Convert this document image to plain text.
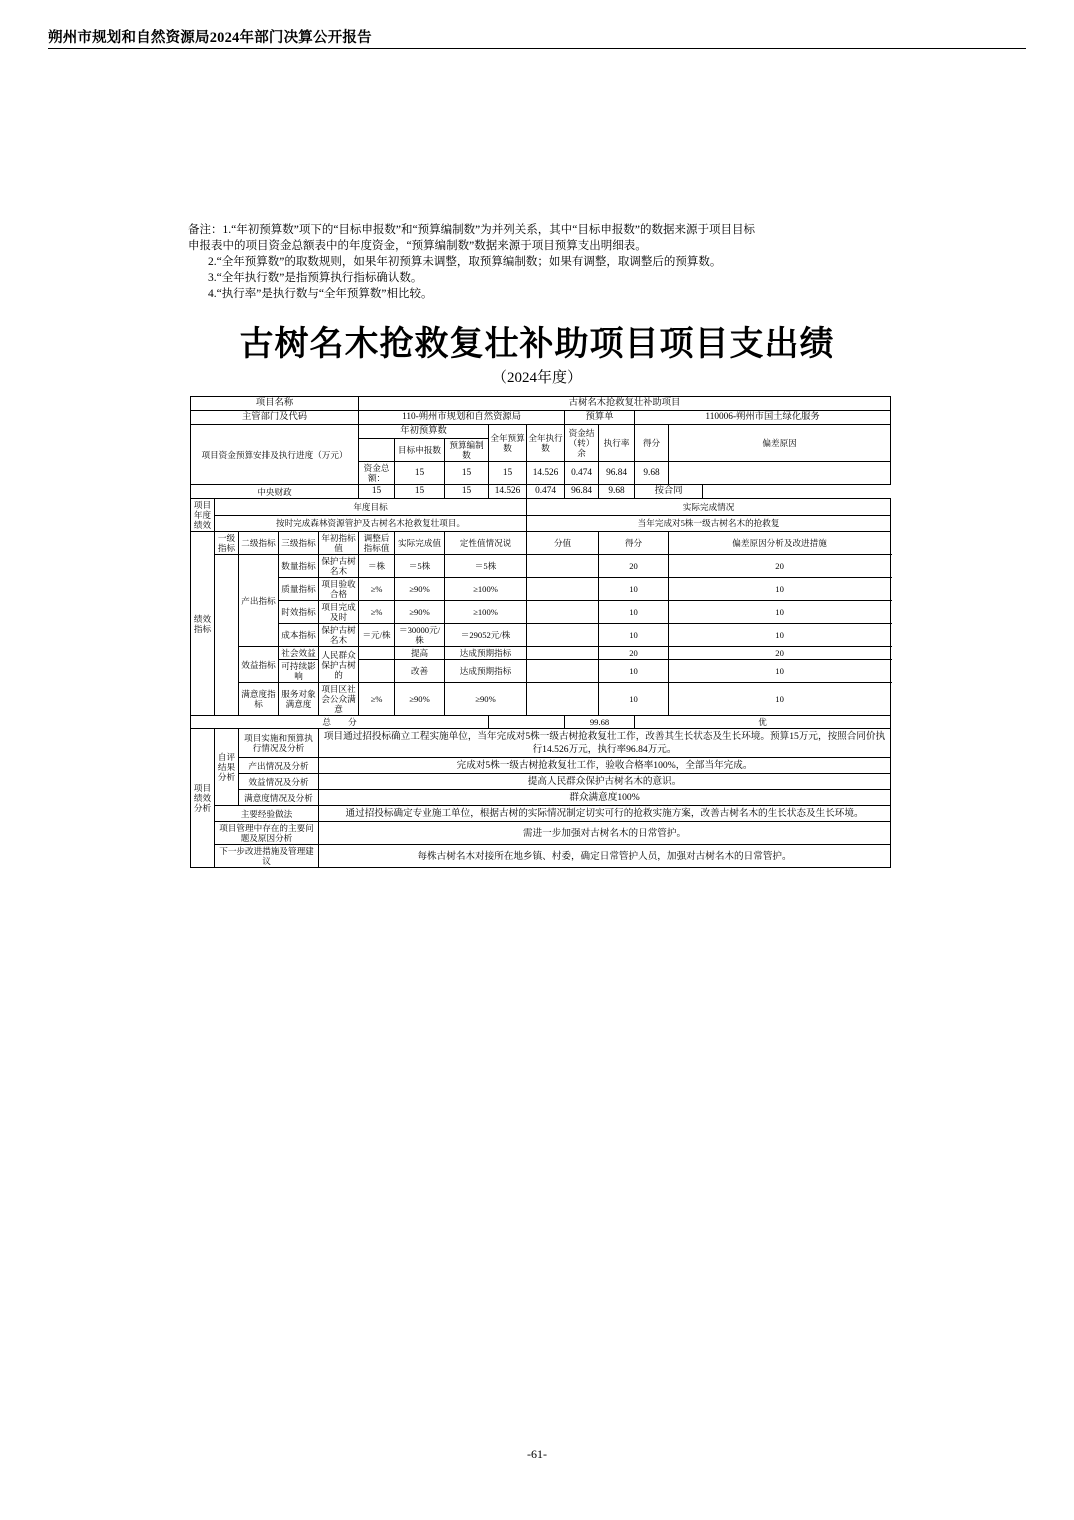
朔州市规划和自然资源局2024年部门决算公开报告
备注：1.“年初预算数”项下的“目标申报数”和“预算编制数”为并列关系，其中“目标申报数”的数据来源于项目目标
申报表中的项目资金总额表中的年度资金，“预算编制数”数据来源于项目预算支出明细表。
2.“全年预算数”的取数规则，如果年初预算未调整，取预算编制数；如果有调整，取调整后的预算数。
3.“全年执行数”是指预算执行指标确认数。
4.“执行率”是执行数与“全年预算数”相比较。
古树名木抢救复壮补助项目项目支出绩
（2024年度）
项目名称					古树名木抢救复壮补助项目								
主管部门及代码					110-朔州市规划和自然资源局					预算单		110006-朔州市国土绿化服务	
项目资金预算安排及执行进度（万元）					年初预算数			全年预算数	全年执行数	资金结（转）余	执行率	得分	偏差原因
						目标申报数	预算编制数						
					资金总额：	15	15	15	14.526	0.474	96.84	9.68	
中央财政					15	15	15	14.526	0.474	96.84	9.68	按合同	
项目年度绩效	年度目标								实际完成情况				
	按时完成森林资源管护及古树名木抢救复壮项目。								当年完成对5株一级古树名木的抢救复				
绩效指标	一级指标	二级指标	三级指标	年初指标值	调整后指标值	实际完成值	定性值情况说		分值		得分		偏差原因分析及改进措施
		产出指标	数量指标	保护古树名木	＝株	＝5株	＝5株				20		20
			质量指标	项目验收合格	≥%	≥90%	≥100%				10		10
			时效指标	项目完成及时	≥%	≥90%	≥100%				10		10
			成本指标	保护古树名木	＝元/株	＝30000元/株	＝29052元/株				10		10
		效益指标	社会效益	人民群众保护古树的		提高	达成预期指标				20		20
			可持续影响			改善	达成预期指标				10		10
		满意度指标	服务对象满意度	项目区社会公众满意	≥%	≥90%	≥90%				10		10
总　　分										99.68		优	
项目绩效分析	自评结果分析	项目实施和预算执行情况及分析		项目通过招投标确立工程实施单位，当年完成对5株一级古树抢救复壮工作，改善其生长状态及生长环境。预算15万元，按照合同价执行14.526万元，执行率96.84万元。									
		产出情况及分析		完成对5株一级古树抢救复壮工作，验收合格率100%，全部当年完成。									
		效益情况及分析		提高人民群众保护古树名木的意识。									
		满意度情况及分析		群众满意度100%									
	主要经验做法			通过招投标确定专业施工单位，根据古树的实际情况制定切实可行的抢救实施方案，改善古树名木的生长状态及生长环境。									
	项目管理中存在的主要问题及原因分析			需进一步加强对古树名木的日常管护。									
	下一步改进措施及管理建议			每株古树名木对接所在地乡镇、村委，确定日常管护人员，加强对古树名木的日常管护。									
-61-
